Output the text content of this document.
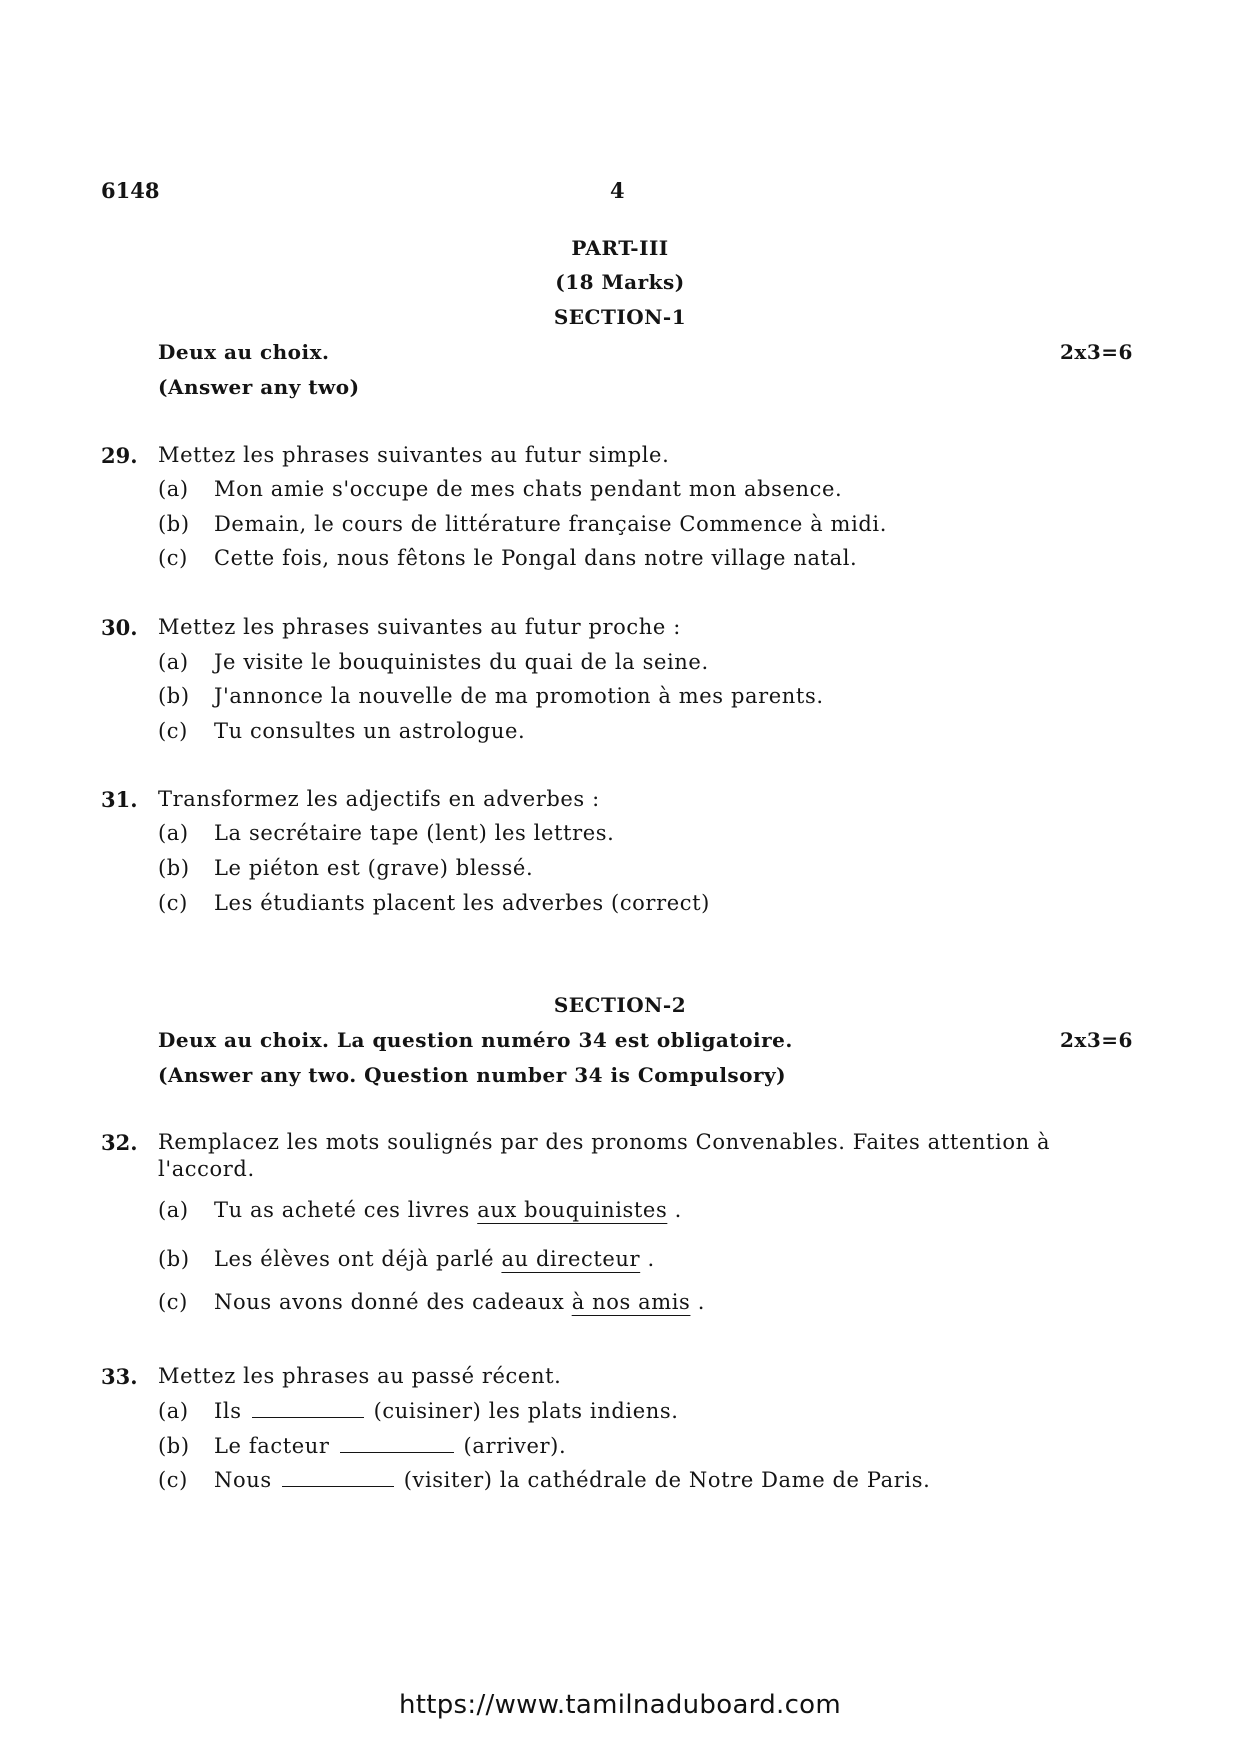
6148	4
PART-III
(18 Marks)
SECTION-1
Deux au choix.	2x3=6
(Answer any two)
29. Mettez les phrases suivantes au futur simple.
(a) Mon amie s'occupe de mes chats pendant mon absence.
(b) Demain, le cours de littérature française Commence à midi.
(c) Cette fois, nous fêtons le Pongal dans notre village natal.
30. Mettez les phrases suivantes au futur proche :
(a) Je visite le bouquinistes du quai de la seine.
(b) J'annonce la nouvelle de ma promotion à mes parents.
(c) Tu consultes un astrologue.
31. Transformez les adjectifs en adverbes :
(a) La secrétaire tape (lent) les lettres.
(b) Le piéton est (grave) blessé.
(c) Les étudiants placent les adverbes (correct)
SECTION-2
Deux au choix. La question numéro 34 est obligatoire.	2x3=6
(Answer any two. Question number 34 is Compulsory)
32. Remplacez les mots soulignés par des pronoms Convenables. Faites attention à
l'accord.
(a) Tu as acheté ces livres aux bouquinistes .
(b) Les élèves ont déjà parlé au directeur .
(c) Nous avons donné des cadeaux à nos amis .
33. Mettez les phrases au passé récent.
(a) Ils	(cuisiner) les plats indiens.
(b) Le facteur	(arriver).
(c) Nous	(visiter) la cathédrale de Notre Dame de Paris.
https://www.tamilnaduboard.com
